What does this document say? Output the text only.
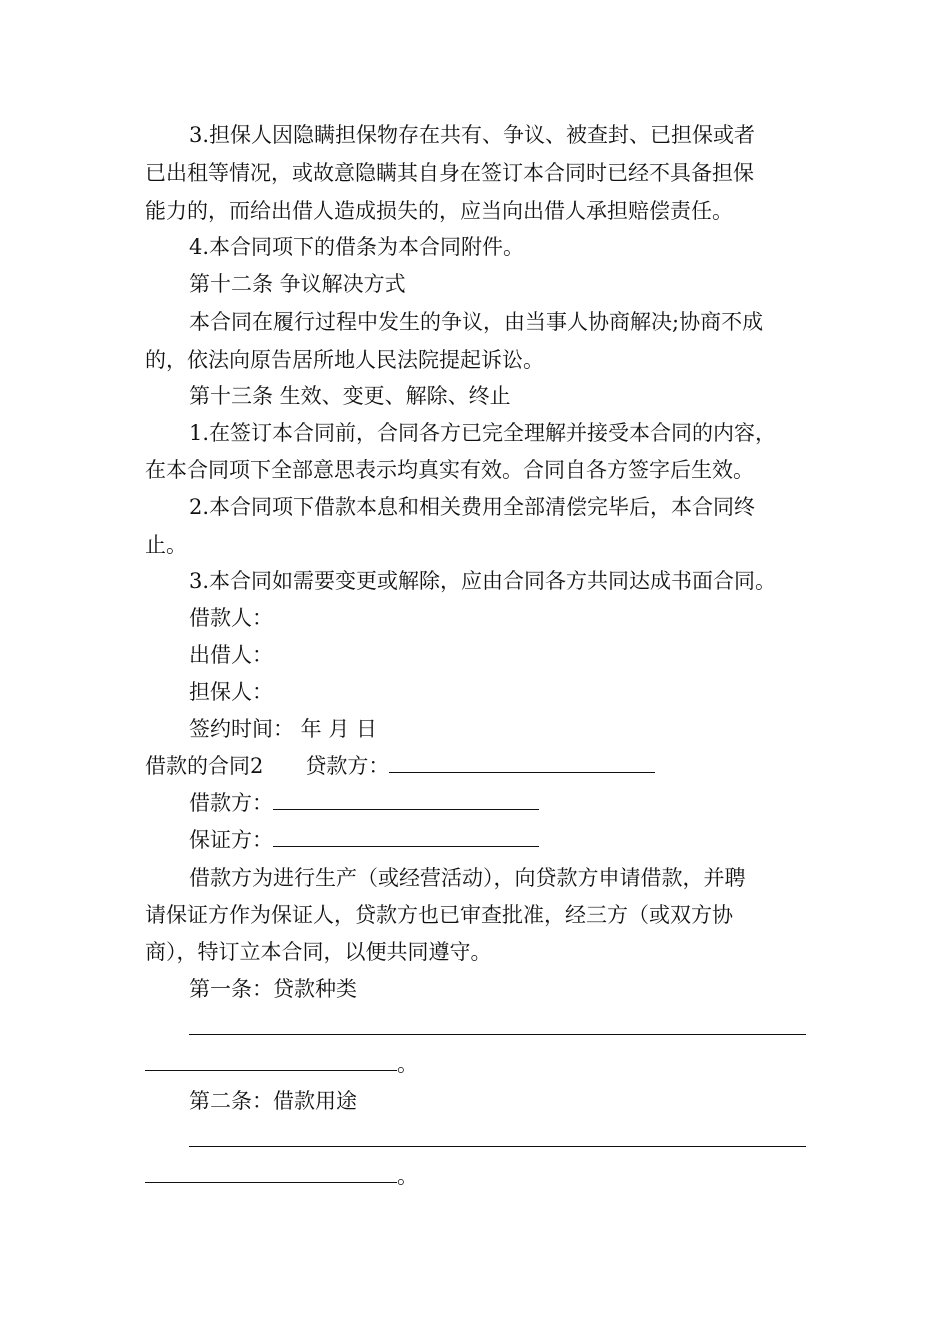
3.担保人因隐瞒担保物存在共有、争议、被查封、已担保或者
已出租等情况，或故意隐瞒其自身在签订本合同时已经不具备担保
能力的，而给出借人造成损失的，应当向出借人承担赔偿责任。
4.本合同项下的借条为本合同附件。
第十二条 争议解决方式
本合同在履行过程中发生的争议，由当事人协商解决;协商不成
的，依法向原告居所地人民法院提起诉讼。
第十三条 生效、变更、解除、终止
1.在签订本合同前，合同各方已完全理解并接受本合同的内容，
在本合同项下全部意思表示均真实有效。合同自各方签字后生效。
2.本合同项下借款本息和相关费用全部清偿完毕后，本合同终
止。
3.本合同如需要变更或解除，应由合同各方共同达成书面合同。
借款人：
出借人：
担保人：
签约时间： 年 月 日
借款的合同2 贷款方：
借款方：
保证方：
借款方为进行生产（或经营活动），向贷款方申请借款，并聘
请保证方作为保证人，贷款方也已审查批准，经三方（或双方协
商），特订立本合同，以便共同遵守。
第一条：贷款种类
。
第二条：借款用途
。
